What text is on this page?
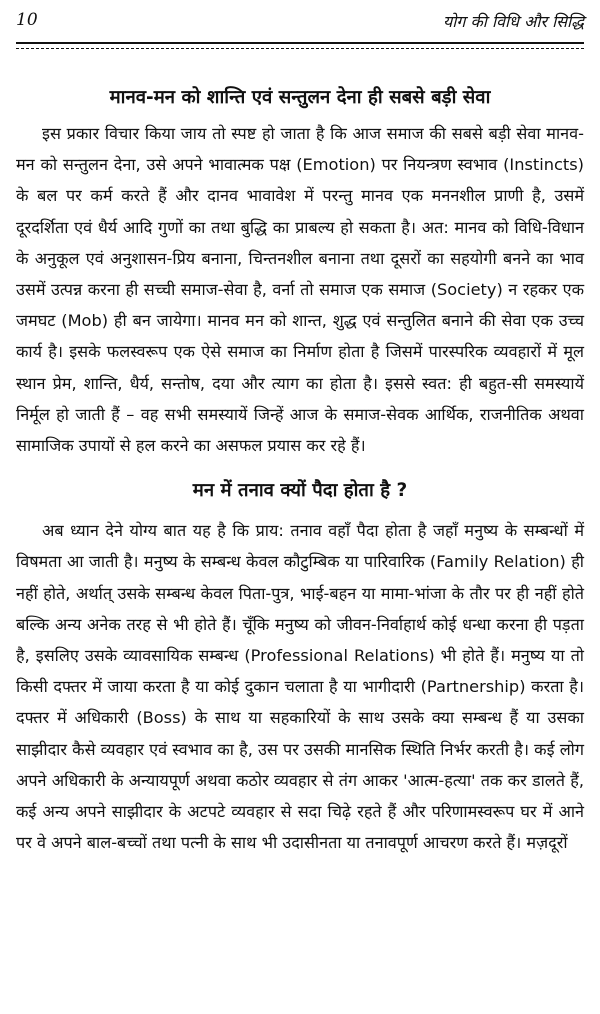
10	योग की विधि और सिद्धि
मानव-मन को शान्ति एवं सन्तुलन देना ही सबसे बड़ी सेवा

इस प्रकार विचार किया जाय तो स्पष्ट हो जाता है कि आज समाज की सबसे बड़ी सेवा मानव-मन को सन्तुलन देना, उसे अपने भावात्मक पक्ष (Emotion) पर नियन्त्रण स्वभाव (Instincts) के बल पर कर्म करते हैं और दानव भावावेश में परन्तु मानव एक मननशील प्राणी है, उसमें दूरदर्शिता एवं धैर्य आदि गुणों का तथा बुद्धि का प्राबल्य हो सकता है। अत: मानव को विधि-विधान के अनुकूल एवं अनुशासन-प्रिय बनाना, चिन्तनशील बनाना तथा दूसरों का सहयोगी बनने का भाव उसमें उत्पन्न करना ही सच्ची समाज-सेवा है, वर्ना तो समाज एक समाज (Society) न रहकर एक जमघट (Mob) ही बन जायेगा। मानव मन को शान्त, शुद्ध एवं सन्तुलित बनाने की सेवा एक उच्च कार्य है। इसके फलस्वरूप एक ऐसे समाज का निर्माण होता है जिसमें पारस्परिक व्यवहारों में मूल स्थान प्रेम, शान्ति, धैर्य, सन्तोष, दया और त्याग का होता है। इससे स्वत: ही बहुत-सी समस्यायें निर्मूल हो जाती हैं – वह सभी समस्यायें जिन्हें आज के समाज-सेवक आर्थिक, राजनीतिक अथवा सामाजिक उपायों से हल करने का असफल प्रयास कर रहे हैं।

मन में तनाव क्यों पैदा होता है ?

अब ध्यान देने योग्य बात यह है कि प्राय: तनाव वहाँ पैदा होता है जहाँ मनुष्य के सम्बन्धों में विषमता आ जाती है। मनुष्य के सम्बन्ध केवल कौटुम्बिक या पारिवारिक (Family Relation) ही नहीं होते, अर्थात् उसके सम्बन्ध केवल पिता-पुत्र, भाई-बहन या मामा-भांजा के तौर पर ही नहीं होते बल्कि अन्य अनेक तरह से भी होते हैं। चूँकि मनुष्य को जीवन-निर्वाहार्थ कोई धन्धा करना ही पड़ता है, इसलिए उसके व्यावसायिक सम्बन्ध (Professional Relations) भी होते हैं। मनुष्य या तो किसी दफ्तर में जाया करता है या कोई दुकान चलाता है या भागीदारी (Partnership) करता है। दफ्तर में अधिकारी (Boss) के साथ या सहकारियों के साथ उसके क्या सम्बन्ध हैं या उसका साझीदार कैसे व्यवहार एवं स्वभाव का है, उस पर उसकी मानसिक स्थिति निर्भर करती है। कई लोग अपने अधिकारी के अन्यायपूर्ण अथवा कठोर व्यवहार से तंग आकर 'आत्म-हत्या' तक कर डालते हैं, कई अन्य अपने साझीदार के अटपटे व्यवहार से सदा चिढ़े रहते हैं और परिणामस्वरूप घर में आने पर वे अपने बाल-बच्चों तथा पत्नी के साथ भी उदासीनता या तनावपूर्ण आचरण करते हैं। मज़दूरों
